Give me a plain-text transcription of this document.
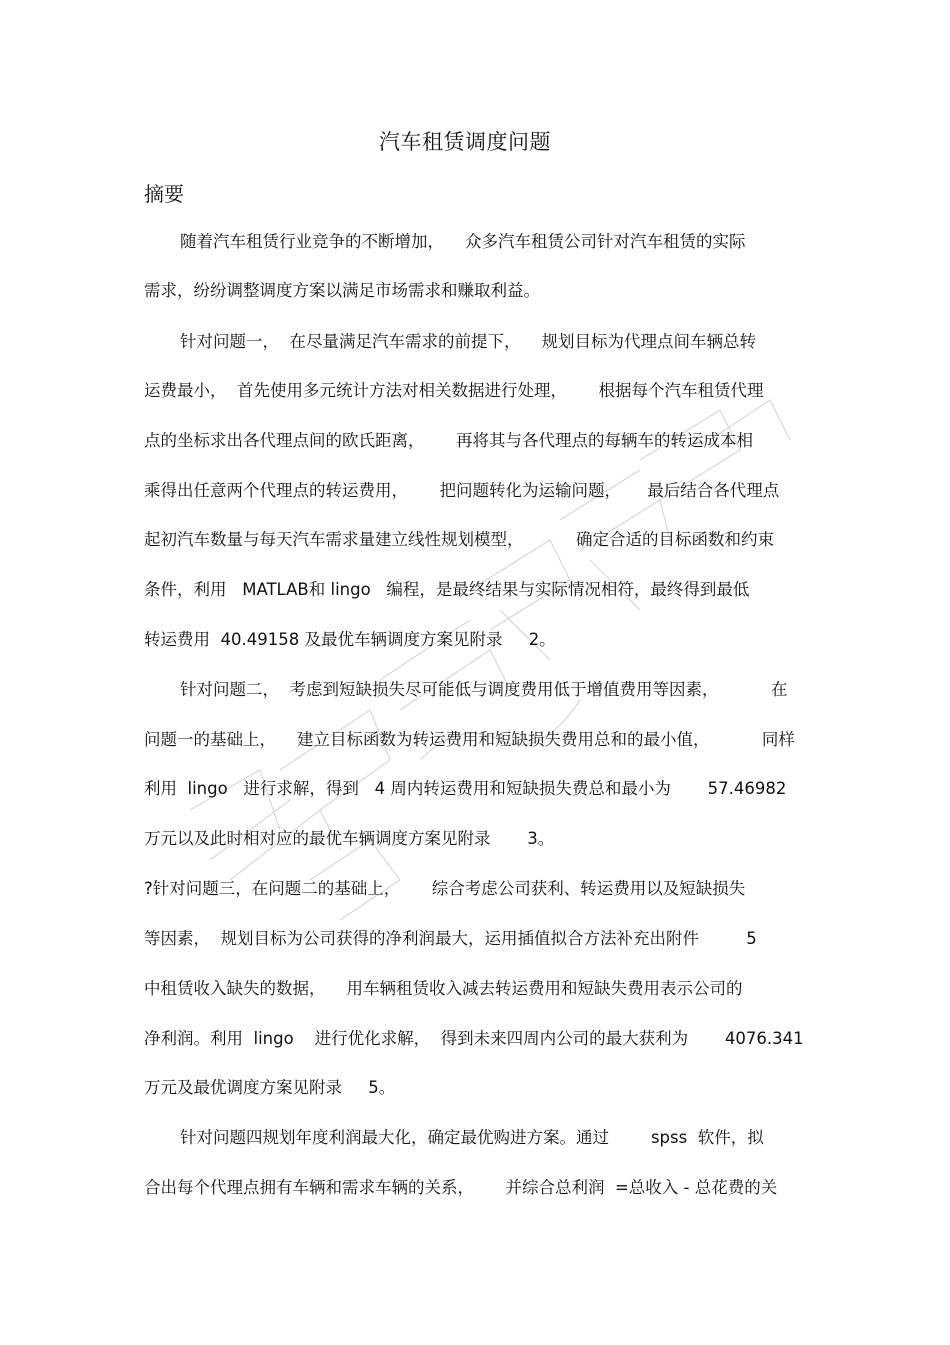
汽车租赁调度问题
摘要
随着汽车租赁行业竞争的不断增加，    众多汽车租赁公司针对汽车租赁的实际
需求，纷纷调整调度方案以满足市场需求和赚取利益。
针对问题一，  在尽量满足汽车需求的前提下，    规划目标为代理点间车辆总转
运费最小，  首先使用多元统计方法对相关数据进行处理，      根据每个汽车租赁代理
点的坐标求出各代理点间的欧氏距离，      再将其与各代理点的每辆车的转运成本相
乘得出任意两个代理点的转运费用，      把问题转化为运输问题，     最后结合各代理点
起初汽车数量与每天汽车需求量建立线性规划模型，          确定合适的目标函数和约束
条件，利用   MATLAB和 lingo   编程，是最终结果与实际情况相符，最终得到最低
转运费用  40.49158 及最优车辆调度方案见附录     2。
针对问题二，  考虑到短缺损失尽可能低与调度费用低于增值费用等因素，          在
问题一的基础上，    建立目标函数为转运费用和短缺损失费用总和的最小值，          同样
利用  lingo   进行求解，得到   4 周内转运费用和短缺损失费总和最小为       57.46982
万元以及此时相对应的最优车辆调度方案见附录       3。
?针对问题三，在问题二的基础上，      综合考虑公司获利、转运费用以及短缺损失
等因素，  规划目标为公司获得的净利润最大，运用插值拟合方法补充出附件         5
中租赁收入缺失的数据，    用车辆租赁收入减去转运费用和短缺失费用表示公司的
净利润。利用  lingo    进行优化求解，  得到未来四周内公司的最大获利为       4076.341
万元及最优调度方案见附录     5。
针对问题四规划年度利润最大化，确定最优购进方案。通过        spss  软件，拟
合出每个代理点拥有车辆和需求车辆的关系，      并综合总利润  =总收入 - 总花费的关
